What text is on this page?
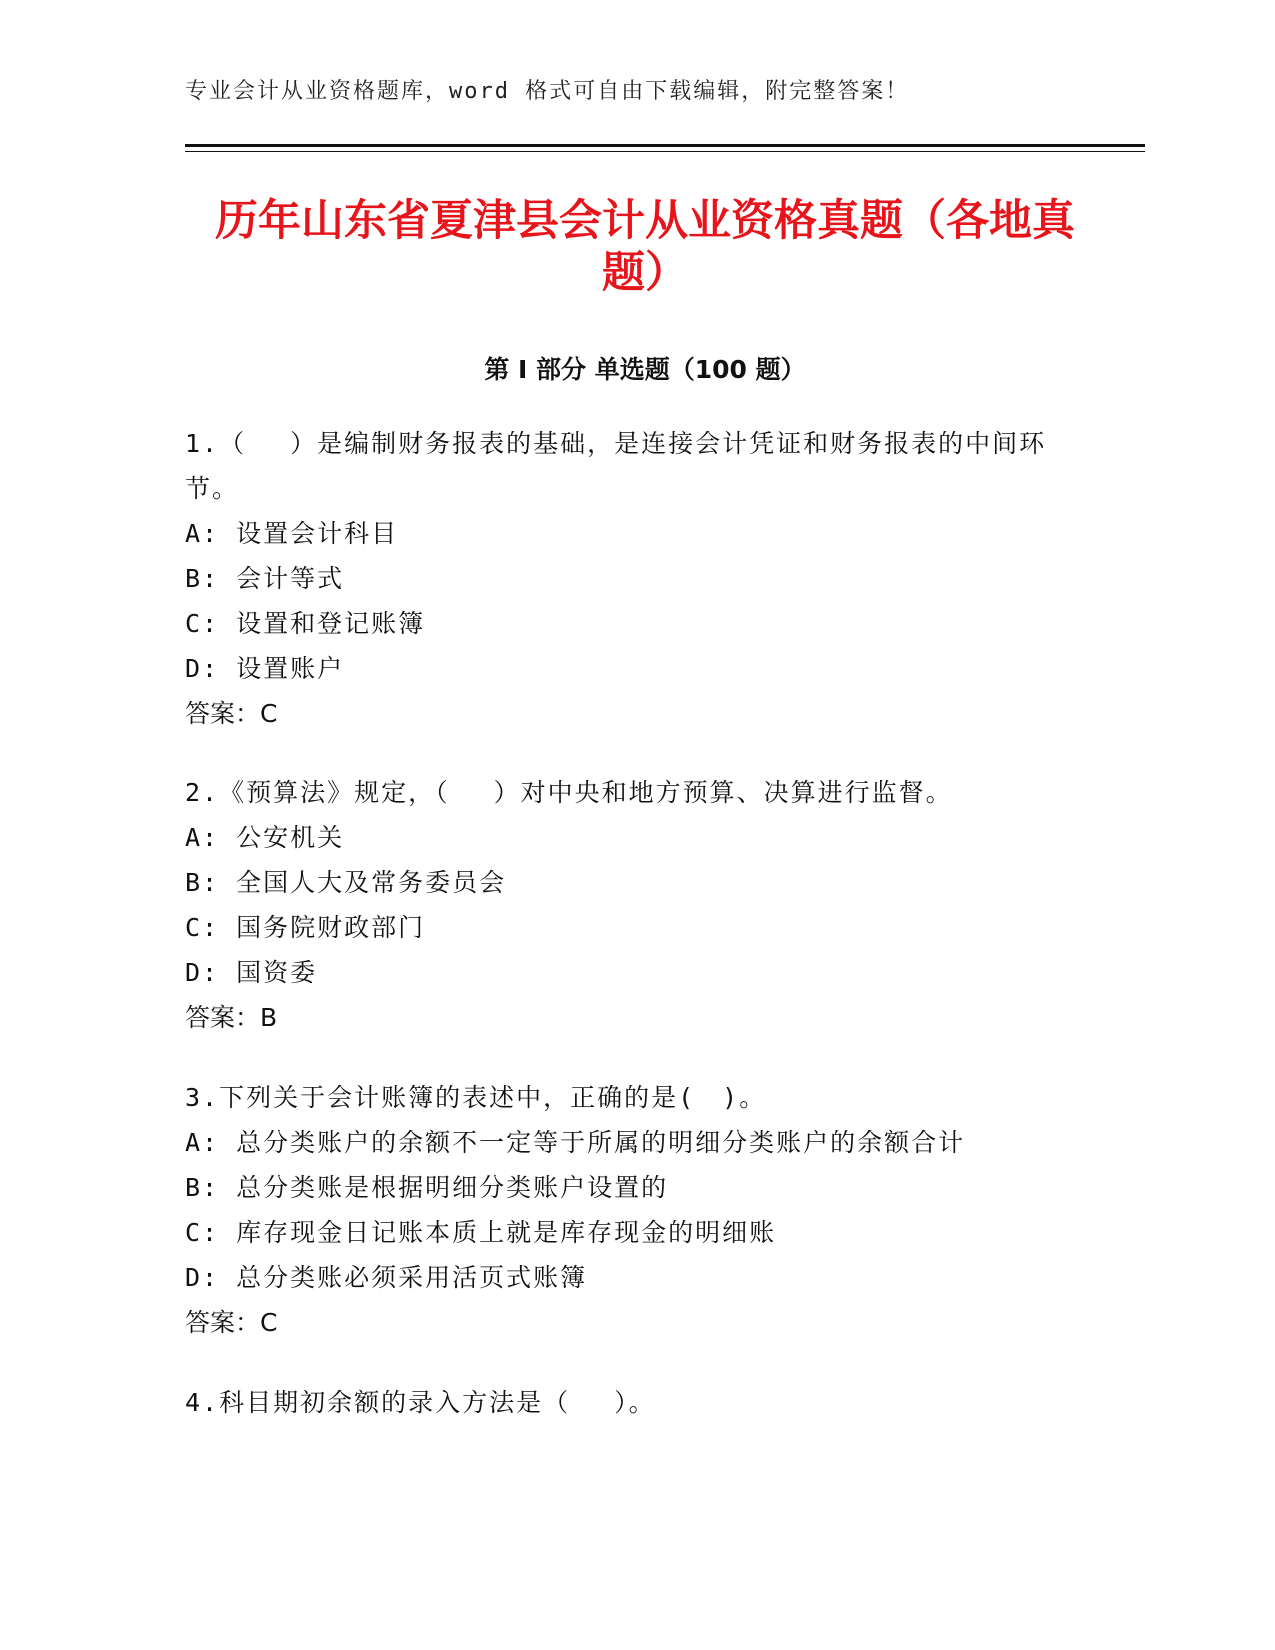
专业会计从业资格题库，word 格式可自由下载编辑，附完整答案！
历年山东省夏津县会计从业资格真题（各地真题）
第 I 部分 单选题（100 题）

1.（　 ）是编制财务报表的基础，是连接会计凭证和财务报表的中间环节。

A: 设置会计科目

B: 会计等式

C: 设置和登记账簿

D: 设置账户

答案：C

2.《预算法》规定，（　 ）对中央和地方预算、决算进行监督。

A: 公安机关

B: 全国人大及常务委员会

C: 国务院财政部门

D: 国资委

答案：B

3.下列关于会计账簿的表述中，正确的是(　)。

A: 总分类账户的余额不一定等于所属的明细分类账户的余额合计

B: 总分类账是根据明细分类账户设置的

C: 库存现金日记账本质上就是库存现金的明细账

D: 总分类账必须采用活页式账簿

答案：C

4.科目期初余额的录入方法是（　 ）。
